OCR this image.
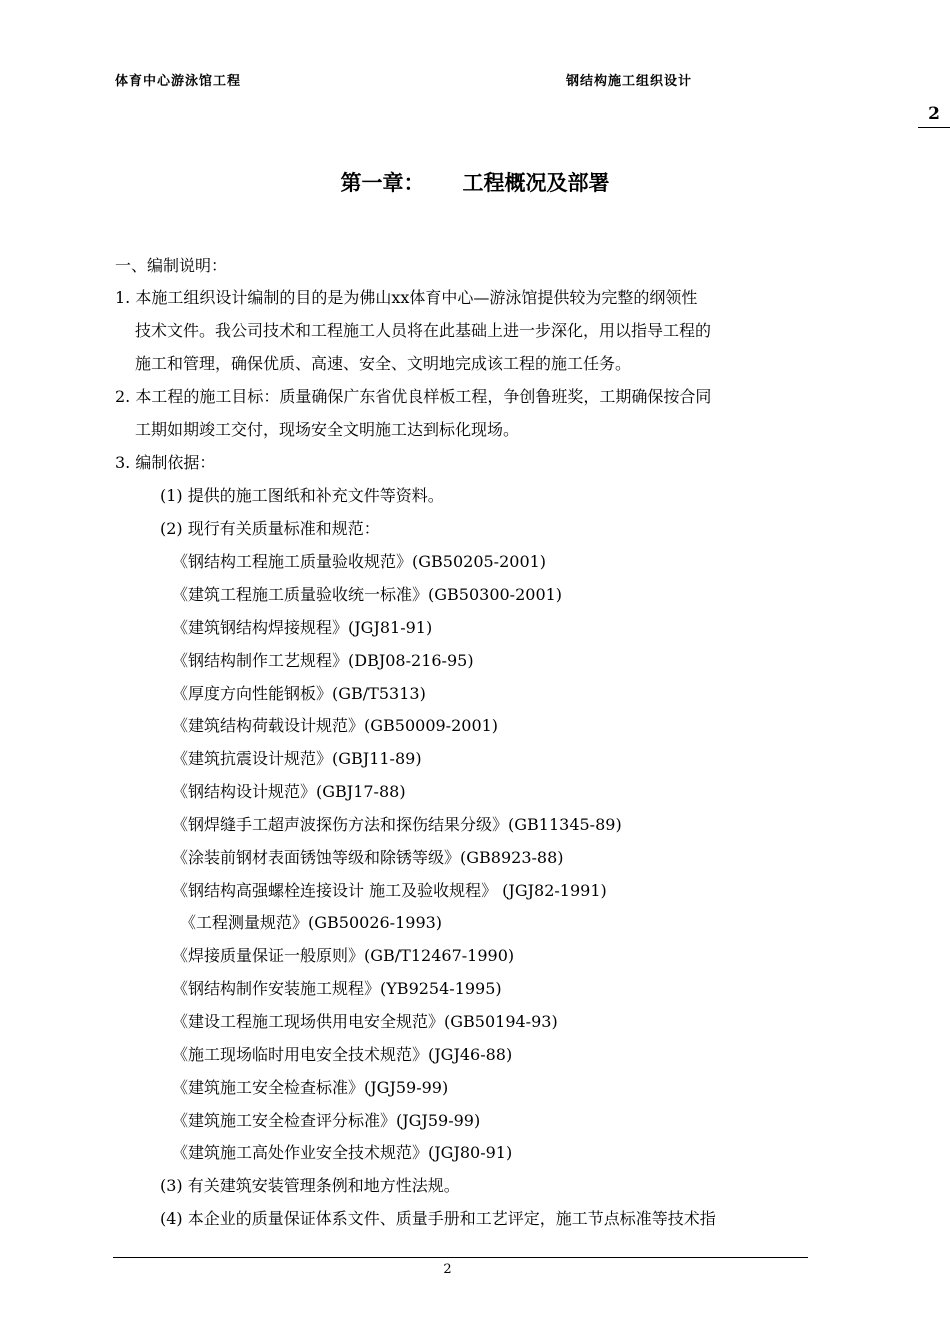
体育中心游泳馆工程	钢结构施工组织设计
2
第一章： 工程概况及部署
一、编制说明：
1. 本施工组织设计编制的目的是为佛山xx体育中心—游泳馆提供较为完整的纲领性
技术文件。我公司技术和工程施工人员将在此基础上进一步深化，用以指导工程的
施工和管理，确保优质、高速、安全、文明地完成该工程的施工任务。
2. 本工程的施工目标：质量确保广东省优良样板工程，争创鲁班奖，工期确保按合同
工期如期竣工交付，现场安全文明施工达到标化现场。
3. 编制依据：
(1) 提供的施工图纸和补充文件等资料。
(2) 现行有关质量标准和规范：
《钢结构工程施工质量验收规范》(GB50205-2001)
《建筑工程施工质量验收统一标准》(GB50300-2001)
《建筑钢结构焊接规程》(JGJ81-91)
《钢结构制作工艺规程》(DBJ08-216-95)
《厚度方向性能钢板》(GB/T5313)
《建筑结构荷载设计规范》(GB50009-2001)
《建筑抗震设计规范》(GBJ11-89)
《钢结构设计规范》(GBJ17-88)
《钢焊缝手工超声波探伤方法和探伤结果分级》(GB11345-89)
《涂装前钢材表面锈蚀等级和除锈等级》(GB8923-88)
《钢结构高强螺栓连接设计 施工及验收规程》 (JGJ82-1991)
《工程测量规范》(GB50026-1993)
《焊接质量保证一般原则》(GB/T12467-1990)
《钢结构制作安装施工规程》(YB9254-1995)
《建设工程施工现场供用电安全规范》(GB50194-93)
《施工现场临时用电安全技术规范》(JGJ46-88)
《建筑施工安全检查标准》(JGJ59-99)
《建筑施工安全检查评分标准》(JGJ59-99)
《建筑施工高处作业安全技术规范》(JGJ80-91)
(3) 有关建筑安装管理条例和地方性法规。
(4) 本企业的质量保证体系文件、质量手册和工艺评定，施工节点标准等技术指
2
